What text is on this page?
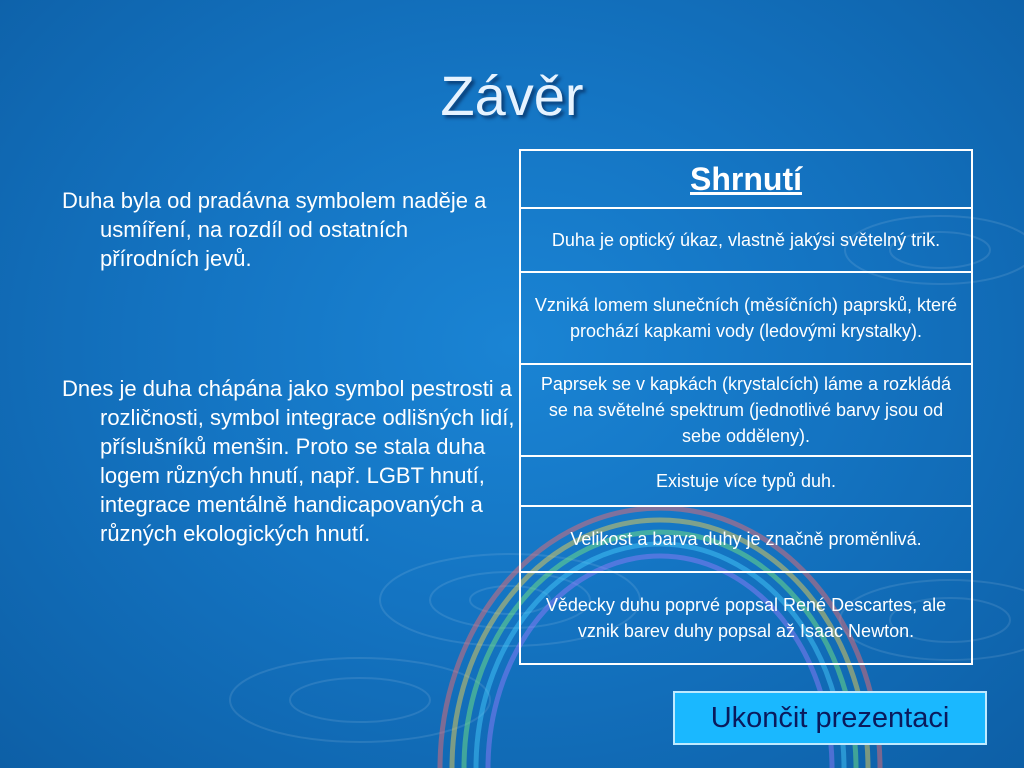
Závěr

Duha byla od pradávna symbolem naděje a usmíření, na rozdíl od ostatních přírodních jevů.

Dnes je duha chápána jako symbol pestrosti a rozličnosti, symbol integrace odlišných lidí, příslušníků menšin. Proto se stala duha logem různých hnutí, např. LGBT hnutí, integrace mentálně handicapovaných a různých ekologických hnutí.

Shrnutí
Duha je optický úkaz, vlastně jakýsi světelný trik.
Vzniká lomem slunečních (měsíčních) paprsků, které prochází kapkami vody (ledovými krystalky).
Paprsek se v kapkách (krystalcích) láme a rozkládá se na světelné spektrum (jednotlivé barvy jsou od sebe odděleny).
Existuje více typů duh.
Velikost a barva duhy je značně proměnlivá.
Vědecky duhu poprvé popsal René Descartes, ale vznik barev duhy popsal až Isaac Newton.
Ukončit prezentaci
